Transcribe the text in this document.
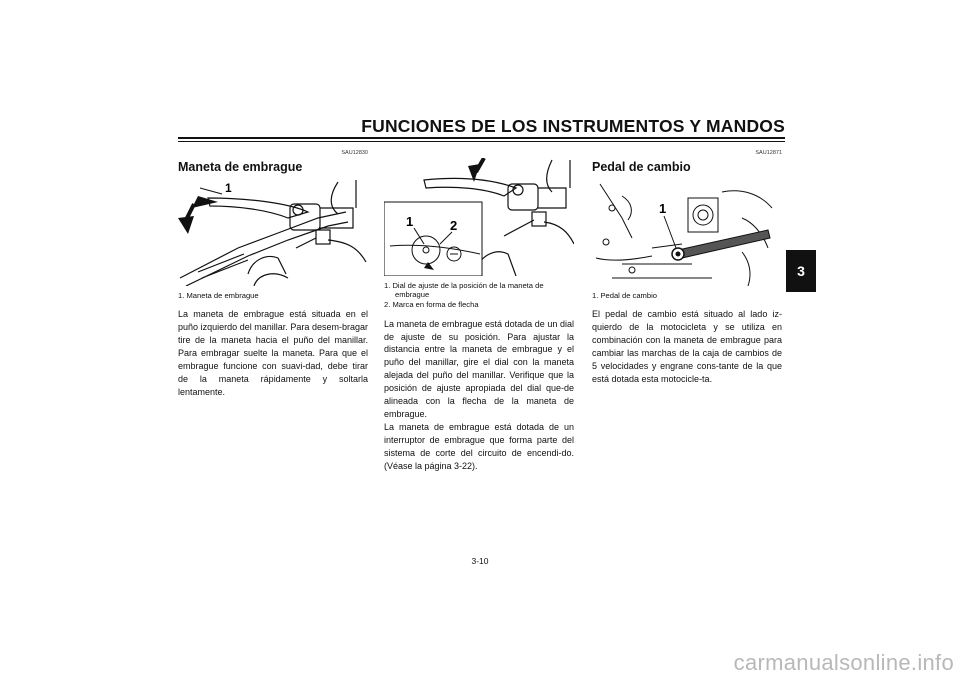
FUNCIONES DE LOS INSTRUMENTOS Y MANDOS
3
SAU12830
Maneta de embrague
1
1. Maneta de embrague

La maneta de embrague está situada en el puño izquierdo del manillar. Para desem-bragar tire de la maneta hacia el puño del manillar. Para embragar suelte la maneta. Para que el embrague funcione con suavi-dad, debe tirar de la maneta rápidamente y soltarla lentamente.

1	2
1. Dial de ajuste de la posición de la maneta de embrague
2. Marca en forma de flecha

La maneta de embrague está dotada de un dial de ajuste de su posición. Para ajustar la distancia entre la maneta de embrague y el puño del manillar, gire el dial con la maneta alejada del puño del manillar. Verifique que la posición de ajuste apropiada del dial que-de alineada con la flecha de la maneta de embrague.

La maneta de embrague está dotada de un interruptor de embrague que forma parte del sistema de corte del circuito de encendi-do. (Véase la página 3-22).

SAU12871
Pedal de cambio
1
1. Pedal de cambio

El pedal de cambio está situado al lado iz-quierdo de la motocicleta y se utiliza en combinación con la maneta de embrague para cambiar las marchas de la caja de cambios de 5 velocidades y engrane cons-tante de la que está dotada esta motocicle-ta.

3-10
carmanualsonline.info
